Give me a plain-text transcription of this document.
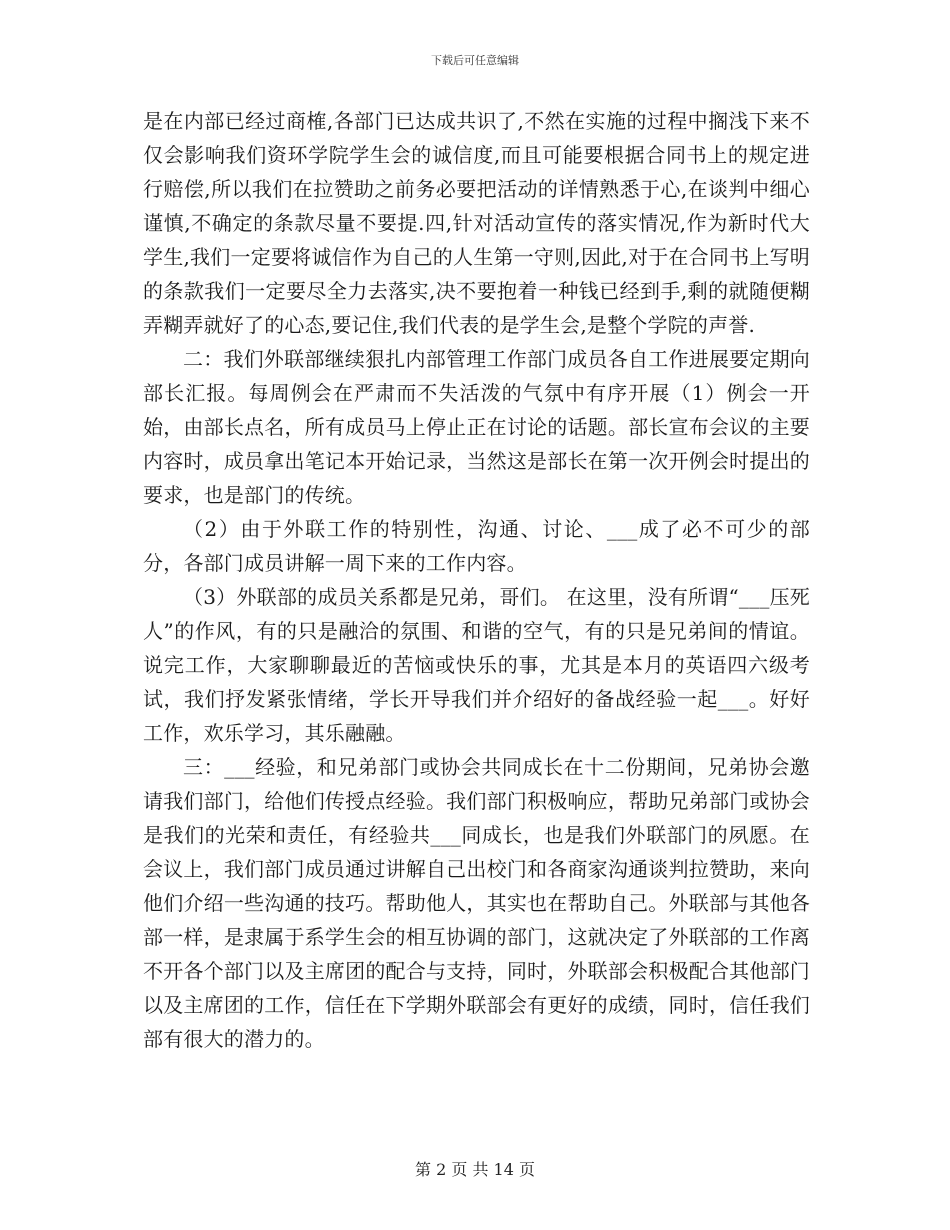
下载后可任意编辑

是在内部已经过商榷,各部门已达成共识了,不然在实施的过程中搁浅下来不仅会影响我们资环学院学生会的诚信度,而且可能要根据合同书上的规定进行赔偿,所以我们在拉赞助之前务必要把活动的详情熟悉于心,在谈判中细心谨慎,不确定的条款尽量不要提.四,针对活动宣传的落实情况,作为新时代大学生,我们一定要将诚信作为自己的人生第一守则,因此,对于在合同书上写明的条款我们一定要尽全力去落实,决不要抱着一种钱已经到手,剩的就随便糊弄糊弄就好了的心态,要记住,我们代表的是学生会,是整个学院的声誉.

二：我们外联部继续狠扎内部管理工作部门成员各自工作进展要定期向部长汇报。每周例会在严肃而不失活泼的气氛中有序开展（1）例会一开始，由部长点名，所有成员马上停止正在讨论的话题。部长宣布会议的主要内容时，成员拿出笔记本开始记录，当然这是部长在第一次开例会时提出的要求，也是部门的传统。

（2）由于外联工作的特别性，沟通、讨论、___成了必不可少的部分，各部门成员讲解一周下来的工作内容。

（3）外联部的成员关系都是兄弟，哥们。 在这里，没有所谓“___压死人”的作风，有的只是融洽的氛围、和谐的空气，有的只是兄弟间的情谊。说完工作，大家聊聊最近的苦恼或快乐的事，尤其是本月的英语四六级考试，我们抒发紧张情绪，学长开导我们并介绍好的备战经验一起___。好好工作，欢乐学习，其乐融融。

三：___经验，和兄弟部门或协会共同成长在十二份期间，兄弟协会邀请我们部门，给他们传授点经验。我们部门积极响应，帮助兄弟部门或协会是我们的光荣和责任，有经验共___同成长，也是我们外联部门的夙愿。在会议上，我们部门成员通过讲解自己出校门和各商家沟通谈判拉赞助，来向他们介绍一些沟通的技巧。帮助他人，其实也在帮助自己。外联部与其他各部一样，是隶属于系学生会的相互协调的部门，这就决定了外联部的工作离不开各个部门以及主席团的配合与支持，同时，外联部会积极配合其他部门以及主席团的工作，信任在下学期外联部会有更好的成绩，同时，信任我们部有很大的潜力的。

第 2 页 共 14 页
